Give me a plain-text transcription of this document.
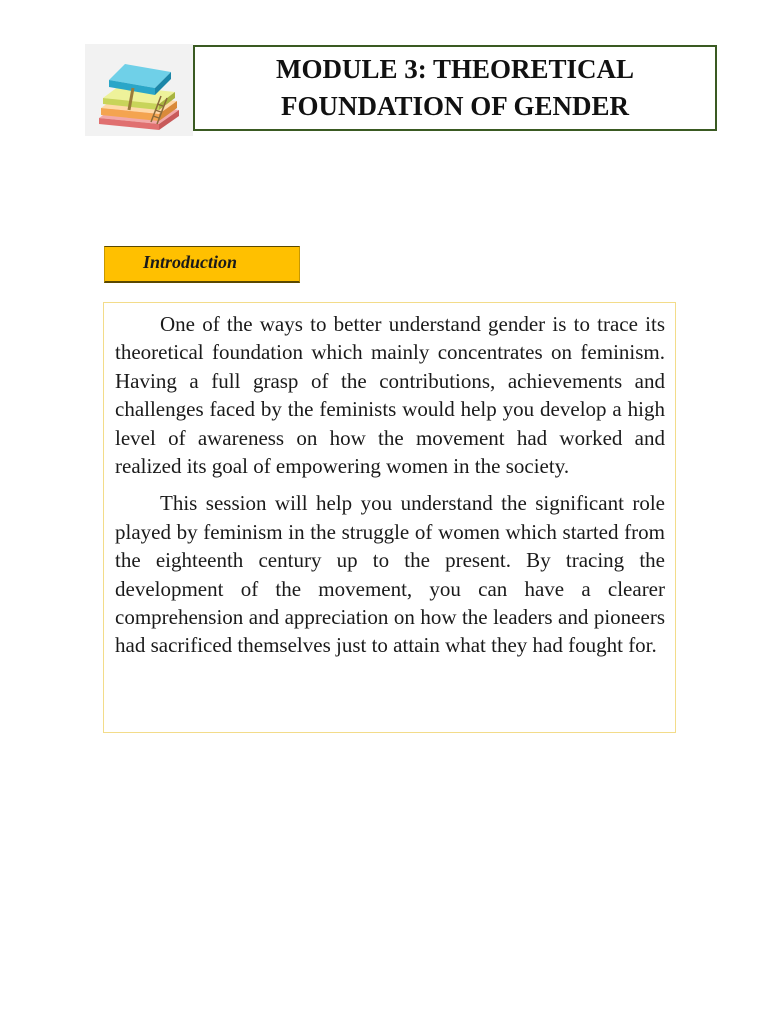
MODULE 3: THEORETICAL
FOUNDATION OF GENDER
Introduction

One of the ways to better understand gender is to trace its theoretical foundation which mainly concentrates on feminism. Having a full grasp of the contributions, achievements and challenges faced by the feminists would help you develop a high level of awareness on how the movement had worked and realized its goal of empowering women in the society.

This session will help you understand the significant role played by feminism in the struggle of women which started from the eighteenth century up to the present. By tracing the development of the movement, you can have a clearer comprehension and appreciation on how the leaders and pioneers had sacrificed themselves just to attain what they had fought for.
